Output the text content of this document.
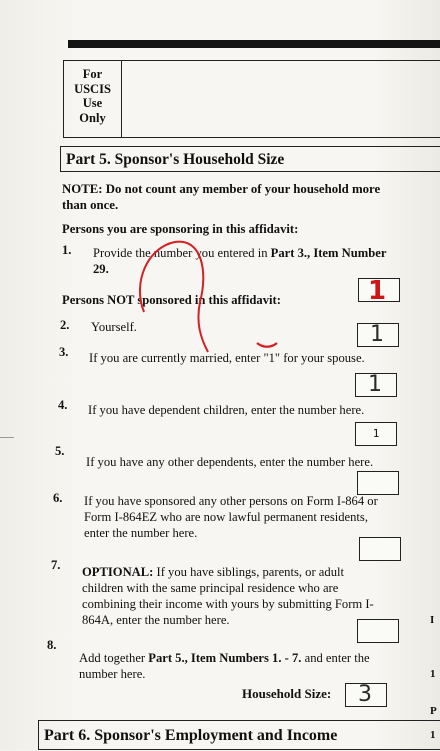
For
USCIS
Use
Only
Part 5. Sponsor's Household Size
NOTE: Do not count any member of your household more than once.
Persons you are sponsoring in this affidavit:
1. Provide the number you entered in Part 3., Item Number 29.
1
Persons NOT sponsored in this affidavit:
2. Yourself.	1
3. If you are currently married, enter "1" for your spouse.
1
4. If you have dependent children, enter the number here.
1
5.
If you have any other dependents, enter the number here.
6. If you have sponsored any other persons on Form I-864 or Form I-864EZ who are now lawful permanent residents, enter the number here.
7. OPTIONAL: If you have siblings, parents, or adult children with the same principal residence who are combining their income with yours by submitting Form I-864A, enter the number here.
8.
Add together Part 5., Item Numbers 1. - 7. and enter the number here.
Household Size: 3
Part 6. Sponsor's Employment and Income
I
1
P
1
